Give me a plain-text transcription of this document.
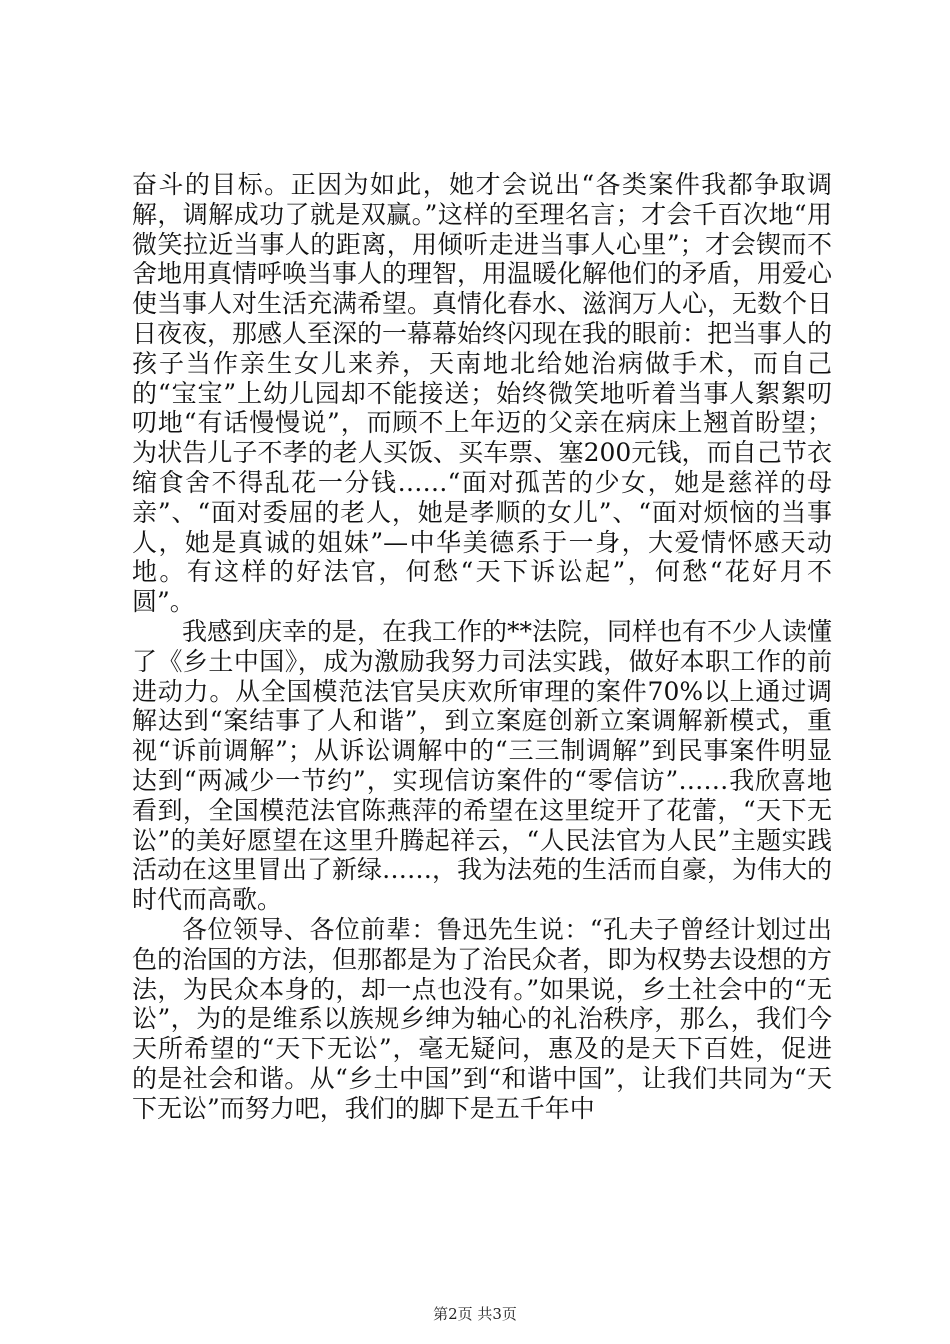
奋斗的目标。正因为如此，她才会说出“各类案件我都争取调解，调解成功了就是双赢。”这样的至理名言；才会千百次地“用微笑拉近当事人的距离，用倾听走进当事人心里”；才会锲而不舍地用真情呼唤当事人的理智，用温暖化解他们的矛盾，用爱心使当事人对生活充满希望。真情化春水、滋润万人心，无数个日日夜夜，那感人至深的一幕幕始终闪现在我的眼前：把当事人的孩子当作亲生女儿来养，天南地北给她治病做手术，而自己的“宝宝”上幼儿园却不能接送；始终微笑地听着当事人絮絮叨叨地“有话慢慢说”，而顾不上年迈的父亲在病床上翘首盼望；为状告儿子不孝的老人买饭、买车票、塞200元钱，而自己节衣缩食舍不得乱花一分钱……“面对孤苦的少女，她是慈祥的母亲”、“面对委屈的老人，她是孝顺的女儿”、“面对烦恼的当事人，她是真诚的姐妹”—中华美德系于一身，大爱情怀感天动地。有这样的好法官，何愁“天下诉讼起”，何愁“花好月不圆”。

我感到庆幸的是，在我工作的**法院，同样也有不少人读懂了《乡土中国》，成为激励我努力司法实践，做好本职工作的前进动力。从全国模范法官吴庆欢所审理的案件70%以上通过调解达到“案结事了人和谐”，到立案庭创新立案调解新模式，重视“诉前调解”；从诉讼调解中的“三三制调解”到民事案件明显达到“两减少一节约”，实现信访案件的“零信访”……我欣喜地看到，全国模范法官陈燕萍的希望在这里绽开了花蕾，“天下无讼”的美好愿望在这里升腾起祥云，“人民法官为人民”主题实践活动在这里冒出了新绿……，我为法苑的生活而自豪，为伟大的时代而高歌。

各位领导、各位前辈：鲁迅先生说：“孔夫子曾经计划过出色的治国的方法，但那都是为了治民众者，即为权势去设想的方法，为民众本身的，却一点也没有。”如果说，乡土社会中的“无讼”，为的是维系以族规乡绅为轴心的礼治秩序，那么，我们今天所希望的“天下无讼”，毫无疑问，惠及的是天下百姓，促进的是社会和谐。从“乡土中国”到“和谐中国”，让我们共同为“天下无讼”而努力吧，我们的脚下是五千年中

第2页 共3页
